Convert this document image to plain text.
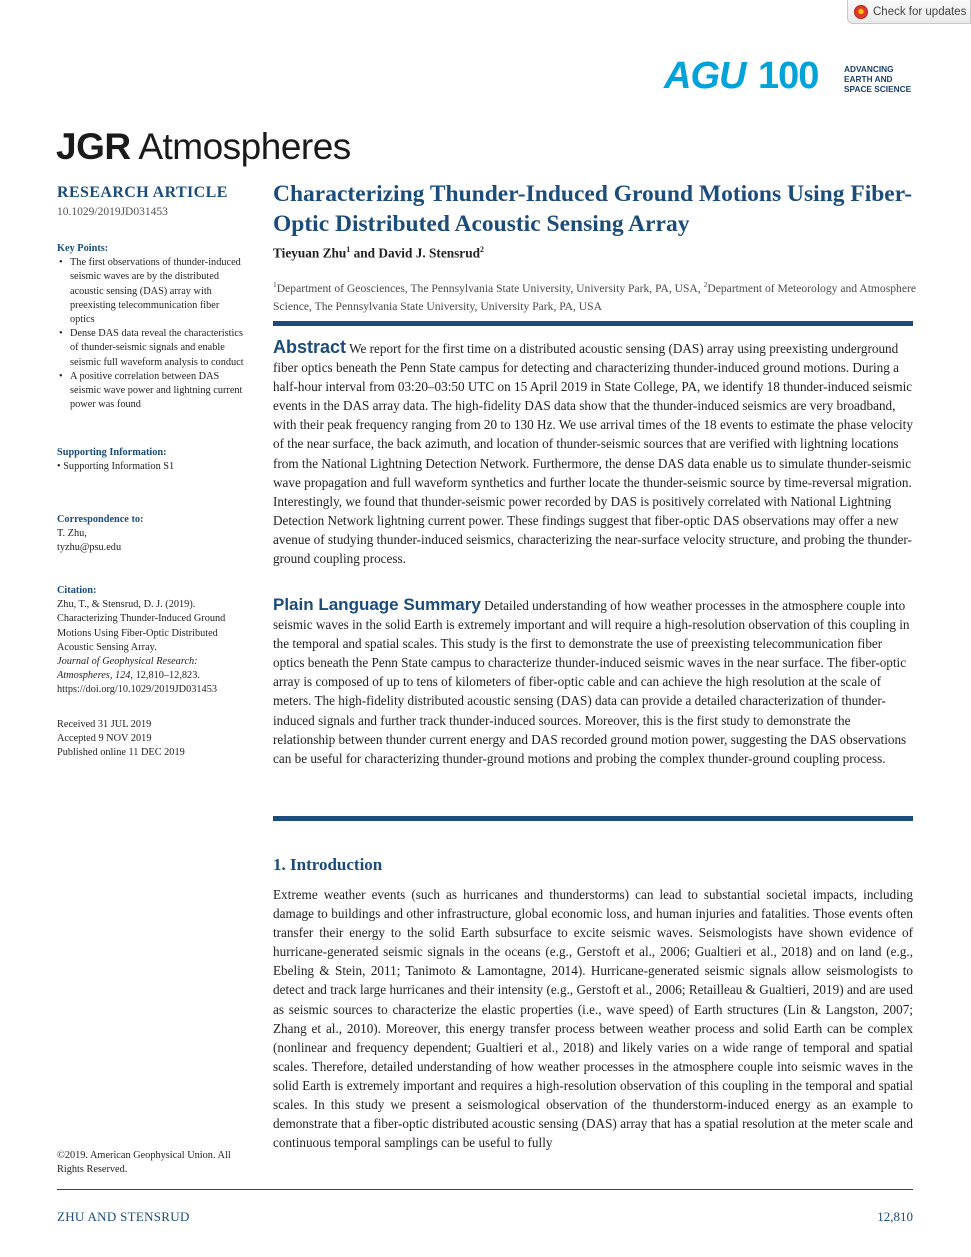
Check for updates
AGU 100	ADVANCING
EARTH AND
SPACE SCIENCE
JGR Atmospheres
RESEARCH ARTICLE
10.1029/2019JD031453
Key Points:
• The first observations of thunder-induced seismic waves are by the distributed acoustic sensing (DAS) array with preexisting telecommunication fiber optics
• Dense DAS data reveal the characteristics of thunder-seismic signals and enable seismic full waveform analysis to conduct
• A positive correlation between DAS seismic wave power and lightning current power was found
Supporting Information:

• Supporting Information S1

Correspondence to:

T. Zhu,

tyzhu@psu.edu

Citation:

Zhu, T., & Stensrud, D. J. (2019). Characterizing Thunder-Induced Ground Motions Using Fiber-Optic Distributed Acoustic Sensing Array.

Journal of Geophysical Research: Atmospheres, 124, 12,810–12,823.

https://doi.org/10.1029/2019JD031453

Received 31 JUL 2019

Accepted 9 NOV 2019

Published online 11 DEC 2019

©2019. American Geophysical Union. All Rights Reserved.
Characterizing Thunder-Induced Ground Motions Using Fiber-Optic Distributed Acoustic Sensing Array
Tieyuan Zhu$^1$ and David J. Stensrud$^2$
$^1$Department of Geosciences, The Pennsylvania State University, University Park, PA, USA, $^2$Department of Meteorology and Atmosphere Science, The Pennsylvania State University, University Park, PA, USA
Abstract We report for the first time on a distributed acoustic sensing (DAS) array using preexisting underground fiber optics beneath the Penn State campus for detecting and characterizing thunder-induced ground motions. During a half-hour interval from 03:20–03:50 UTC on 15 April 2019 in State College, PA, we identify 18 thunder-induced seismic events in the DAS array data. The high-fidelity DAS data show that the thunder-induced seismics are very broadband, with their peak frequency ranging from 20 to 130 Hz. We use arrival times of the 18 events to estimate the phase velocity of the near surface, the back azimuth, and location of thunder-seismic sources that are verified with lightning locations from the National Lightning Detection Network. Furthermore, the dense DAS data enable us to simulate thunder-seismic wave propagation and full waveform synthetics and further locate the thunder-seismic source by time-reversal migration. Interestingly, we found that thunder-seismic power recorded by DAS is positively correlated with National Lightning Detection Network lightning current power. These findings suggest that fiber-optic DAS observations may offer a new avenue of studying thunder-induced seismics, characterizing the near-surface velocity structure, and probing the thunder-ground coupling process.
Plain Language Summary Detailed understanding of how weather processes in the atmosphere couple into seismic waves in the solid Earth is extremely important and will require a high-resolution observation of this coupling in the temporal and spatial scales. This study is the first to demonstrate the use of preexisting telecommunication fiber optics beneath the Penn State campus to characterize thunder-induced seismic waves in the near surface. The fiber-optic array is composed of up to tens of kilometers of fiber-optic cable and can achieve the high resolution at the scale of meters. The high-fidelity distributed acoustic sensing (DAS) data can provide a detailed characterization of thunder-induced signals and further track thunder-induced sources. Moreover, this is the first study to demonstrate the relationship between thunder current energy and DAS recorded ground motion power, suggesting the DAS observations can be useful for characterizing thunder-ground motions and probing the complex thunder-ground coupling process.
1. Introduction
Extreme weather events (such as hurricanes and thunderstorms) can lead to substantial societal impacts, including damage to buildings and other infrastructure, global economic loss, and human injuries and fatalities. Those events often transfer their energy to the solid Earth subsurface to excite seismic waves. Seismologists have shown evidence of hurricane-generated seismic signals in the oceans (e.g., Gerstoft et al., 2006; Gualtieri et al., 2018) and on land (e.g., Ebeling & Stein, 2011; Tanimoto & Lamontagne, 2014). Hurricane-generated seismic signals allow seismologists to detect and track large hurricanes and their intensity (e.g., Gerstoft et al., 2006; Retailleau & Gualtieri, 2019) and are used as seismic sources to characterize the elastic properties (i.e., wave speed) of Earth structures (Lin & Langston, 2007; Zhang et al., 2010). Moreover, this energy transfer process between weather process and solid Earth can be complex (nonlinear and frequency dependent; Gualtieri et al., 2018) and likely varies on a wide range of temporal and spatial scales. Therefore, detailed understanding of how weather processes in the atmosphere couple into seismic waves in the solid Earth is extremely important and requires a high-resolution observation of this coupling in the temporal and spatial scales. In this study we present a seismological observation of the thunderstorm-induced energy as an example to demonstrate that a fiber-optic distributed acoustic sensing (DAS) array that has a spatial resolution at the meter scale and continuous temporal samplings can be useful to fully
ZHU AND STENSRUD	12,810
